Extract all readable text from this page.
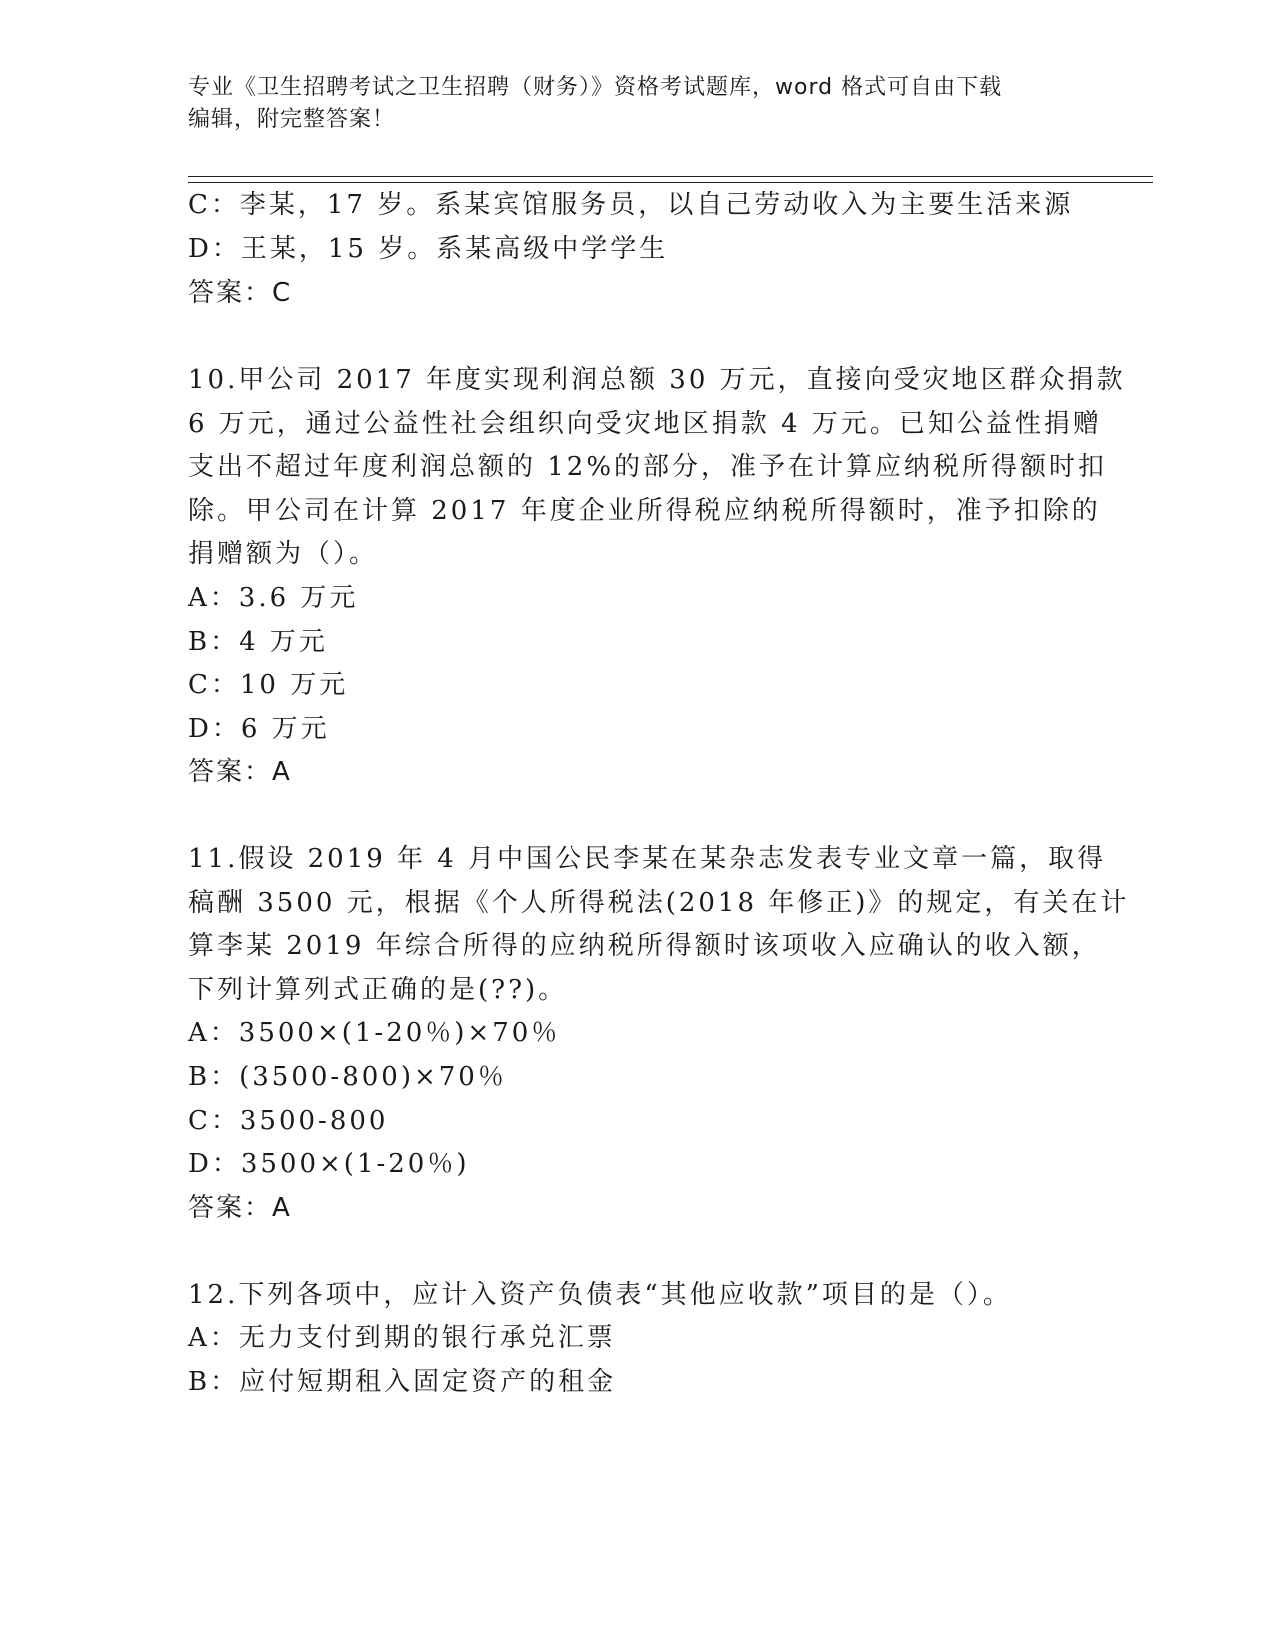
专业《卫生招聘考试之卫生招聘（财务）》资格考试题库，word 格式可自由下载
编辑，附完整答案！
C：李某，17 岁。系某宾馆服务员，以自己劳动收入为主要生活来源
D：王某，15 岁。系某高级中学学生
答案：C
10.甲公司 2017 年度实现利润总额 30 万元，直接向受灾地区群众捐款
6 万元，通过公益性社会组织向受灾地区捐款 4 万元。已知公益性捐赠
支出不超过年度利润总额的 12%的部分，准予在计算应纳税所得额时扣
除。甲公司在计算 2017 年度企业所得税应纳税所得额时，准予扣除的
捐赠额为（）。
A：3.6 万元
B：4 万元
C：10 万元
D：6 万元
答案：A
11.假设 2019 年 4 月中国公民李某在某杂志发表专业文章一篇，取得
稿酬 3500 元，根据《个人所得税法(2018 年修正)》的规定，有关在计
算李某 2019 年综合所得的应纳税所得额时该项收入应确认的收入额，
下列计算列式正确的是(??)。
A：3500×(1-20％)×70％
B：(3500-800)×70％
C：3500-800
D：3500×(1-20％)
答案：A
12.下列各项中，应计入资产负债表“其他应收款”项目的是（）。
A：无力支付到期的银行承兑汇票
B：应付短期租入固定资产的租金
